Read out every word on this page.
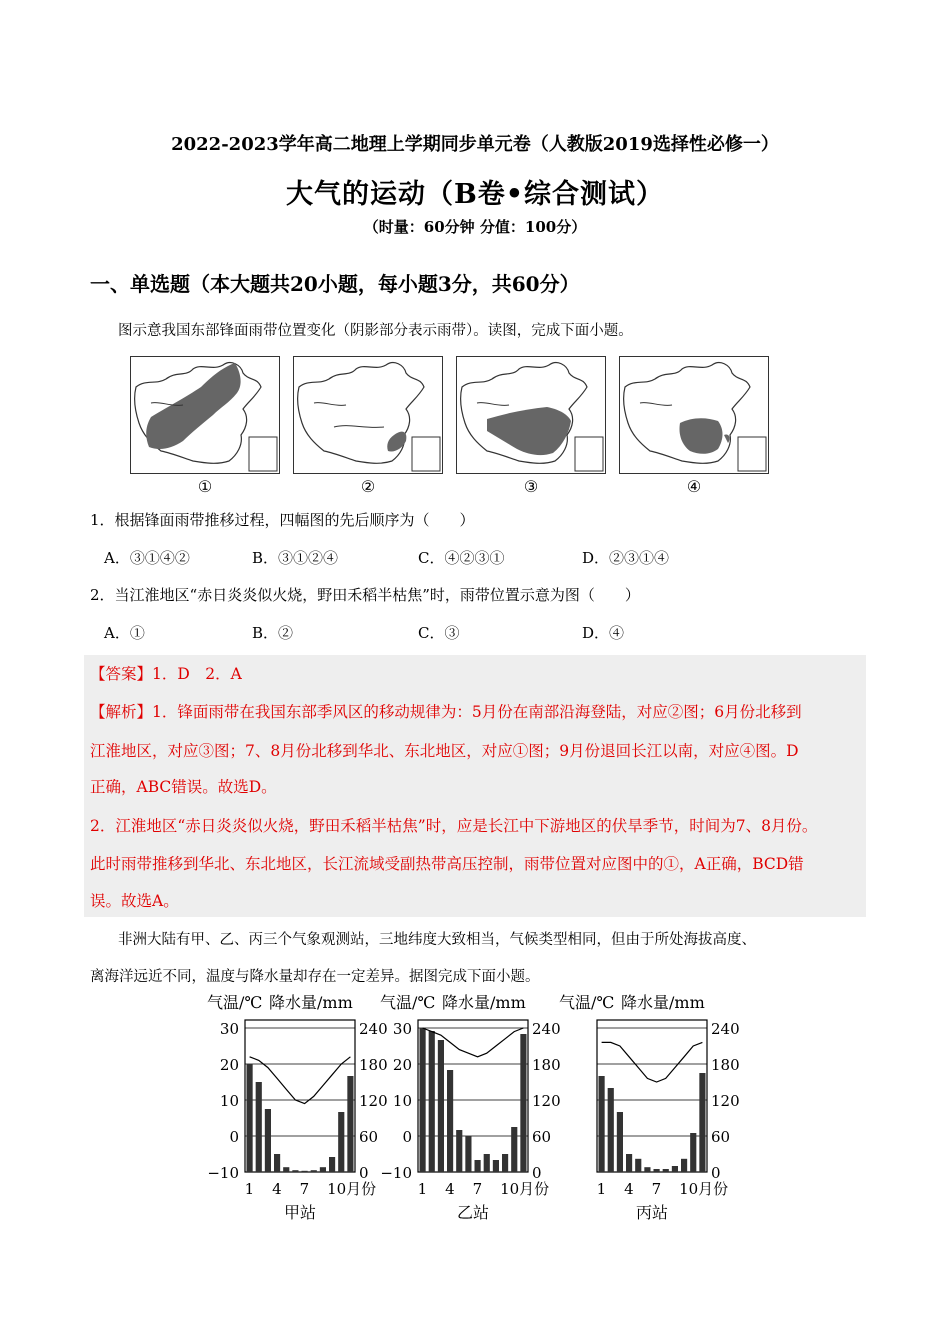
2022-2023学年高二地理上学期同步单元卷（人教版2019选择性必修一）
大气的运动（B卷•综合测试）
（时量：60分钟 分值：100分）
一、单选题（本大题共20小题，每小题3分，共60分）
图示意我国东部锋面雨带位置变化（阴影部分表示雨带）。读图，完成下面小题。
①	②	③	④
1．根据锋面雨带推移过程，四幅图的先后顺序为（　　）
A．③①④②	B．③①②④	C．④②③①	D．②③①④
2．当江淮地区“赤日炎炎似火烧，野田禾稻半枯焦”时，雨带位置示意为图（　　）
A．①	B．②	C．③	D．④
【答案】1．D　2．A
【解析】1．锋面雨带在我国东部季风区的移动规律为：5月份在南部沿海登陆，对应②图；6月份北移到
江淮地区，对应③图；7、8月份北移到华北、东北地区，对应①图；9月份退回长江以南，对应④图。D
正确，ABC错误。故选D。
2．江淮地区“赤日炎炎似火烧，野田禾稻半枯焦”时，应是长江中下游地区的伏旱季节，时间为7、8月份。
此时雨带推移到华北、东北地区，长江流域受副热带高压控制，雨带位置对应图中的①，A正确，BCD错
误。故选A。
非洲大陆有甲、乙、丙三个气象观测站，三地纬度大致相当，气候类型相同，但由于所处海拔高度、
离海洋远近不同，温度与降水量却存在一定差异。据图完成下面小题。
气温/℃ 降水量/mm
30
20
10
0
−10
240
180
120
60
0
1 4 7 10月份
甲站
气温/℃ 降水量/mm
30
20
10
0
−10
240
180
120
60
0
1 4 7 10月份
乙站
气温/℃ 降水量/mm
240
180
120
60
0
1 4 7 10月份
丙站
